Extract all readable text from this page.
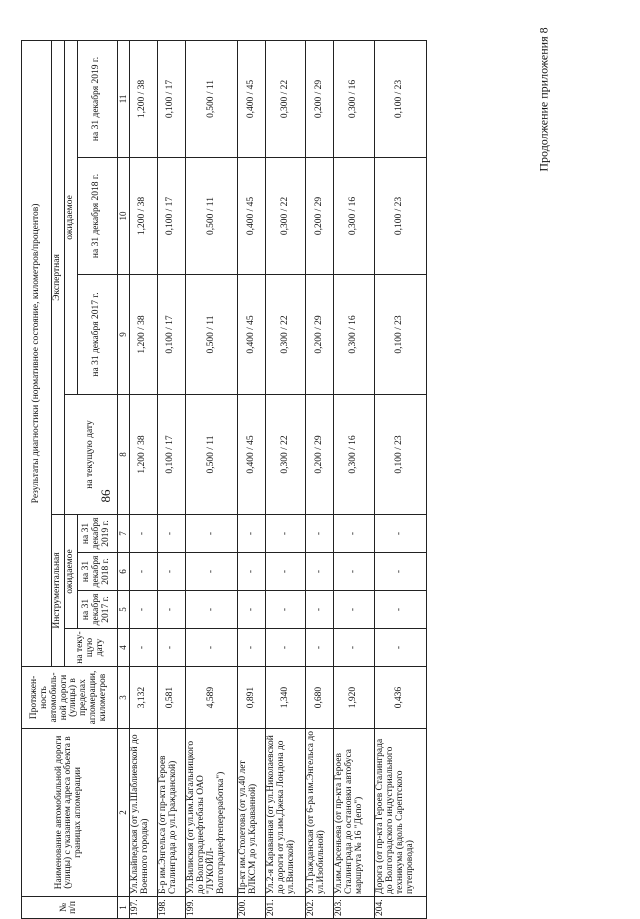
86
Продолжение приложения 8
№ п/п	Наименование автомобильной дороги (улицы) с указанием адреса объекта в границах агломерации	Протяжен-ность автомобиль-ной дороги (улицы) в пределах агломерации, километров	Результаты диагностики (нормативное состояние, километров/процентов)							
			Инструментальная				Экспертная			
			на теку-щую дату	ожидаемое			на текущую дату	ожидаемое		
				на 31 декабря 2017 г.	на 31 декабря 2018 г.	на 31 декабря 2019 г.		на 31 декабря 2017 г.	на 31 декабря 2018 г.	на 31 декабря 2019 г.
1	2	3	4	5	6	7	8	9	10	11
197.	Ул.Клайпедская (от ул.Шаблиевской до Военного городка)	3,132	-	-	-	-	1,200 / 38	1,200 / 38	1,200 / 38	1,200 / 38
198.	Б-р им.Энгельса (от пр-кта Героев Сталинграда до ул.Гражданской)	0,581	-	-	-	-	0,100 / 17	0,100 / 17	0,100 / 17	0,100 / 17
199.	Ул.Вилиская (от ул.им.Кагальницкого до Волгограднефтебазы ОАО "ЛУКОЙЛ-Волгограднефтепереработка")	4,589	-	-	-	-	0,500 / 11	0,500 / 11	0,500 / 11	0,500 / 11
200.	Пр-кт им.Столетова (от ул.40 лет ВЛКСМ до ул.Караванной)	0,891	-	-	-	-	0,400 / 45	0,400 / 45	0,400 / 45	0,400 / 45
201.	Ул.2-я Караванная (от ул.Николаевской до дороги от ул.им.Джека Лондона до ул.Вилиской)	1,340	-	-	-	-	0,300 / 22	0,300 / 22	0,300 / 22	0,300 / 22
202.	Ул.Гражданская (от 6-ра им.Энгельса до ул.Изобильной)	0,680	-	-	-	-	0,200 / 29	0,200 / 29	0,200 / 29	0,200 / 29
203.	Ул.им.Арсеньева (от пр-кта Героев Сталинграда до остановки автобуса маршрута № 16 "Депо")	1,920	-	-	-	-	0,300 / 16	0,300 / 16	0,300 / 16	0,300 / 16
204.	Дорога (от пр-кта Героев Сталинграда до Волгоградского индустриального техникума (вдоль Сарептского путепровода)	0,436	-	-	-	-	0,100 / 23	0,100 / 23	0,100 / 23	0,100 / 23
